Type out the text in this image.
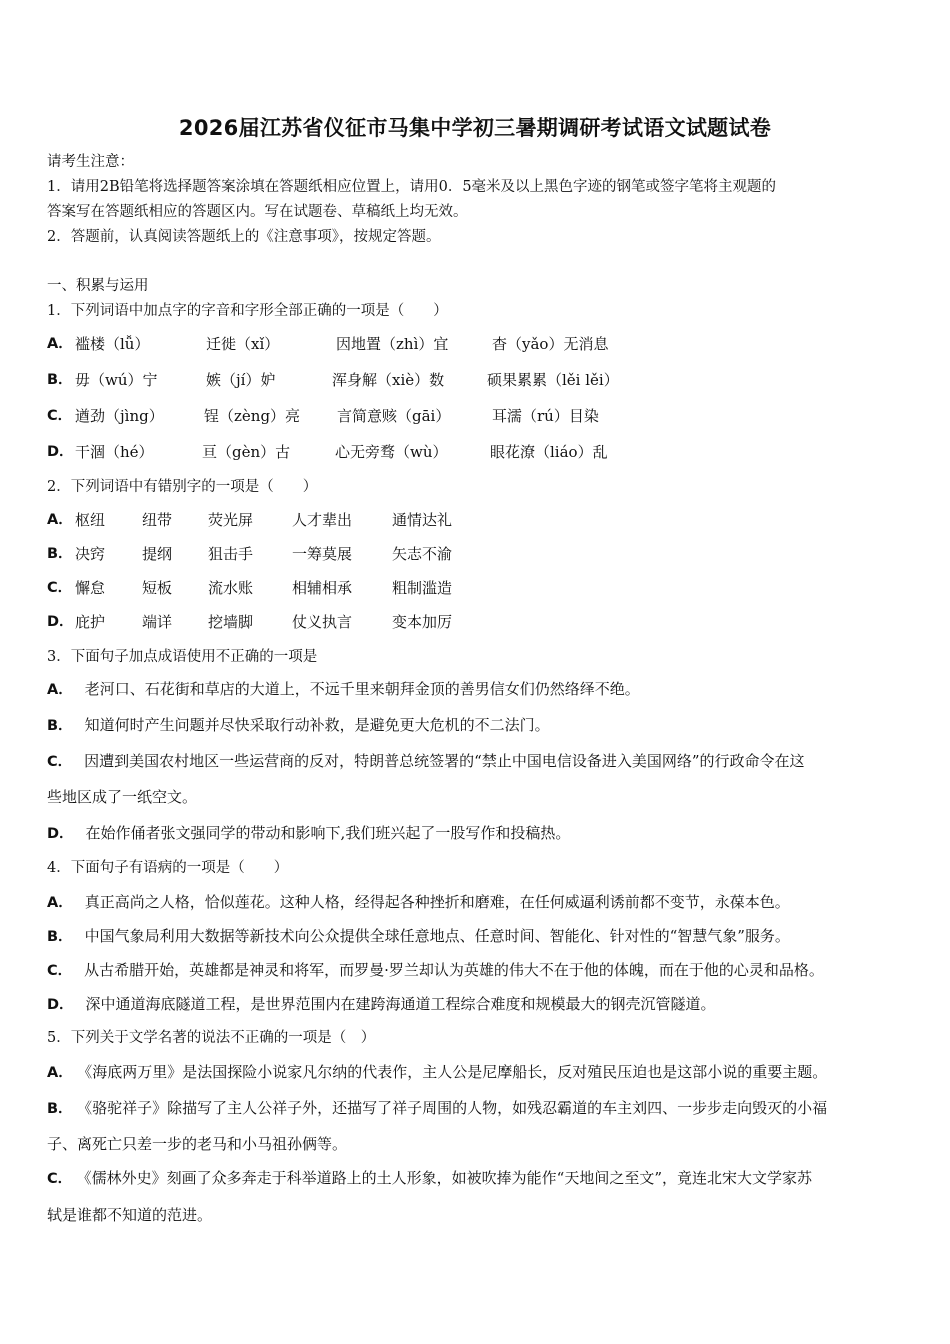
2026届江苏省仪征市马集中学初三暑期调研考试语文试题试卷
请考生注意：
1．请用2B铅笔将选择题答案涂填在答题纸相应位置上，请用0．5毫米及以上黑色字迹的钢笔或签字笔将主观题的
答案写在答题纸相应的答题区内。写在试题卷、草稿纸上均无效。
2．答题前，认真阅读答题纸上的《注意事项》，按规定答题。
一、积累与运用
1．下列词语中加点字的字音和字形全部正确的一项是（　　）
A． 褴楼（lǚ）	迁徙（xǐ）	因地置（zhì）宜	杳（yǎo）无消息
B． 毋（wú）宁	嫉（jí）妒	浑身解（xiè）数	硕果累累（lěi lěi）
C． 遒劲（jìng）	锃（zèng）亮 言简意赅（gāi）	耳濡（rú）目染
D． 干涸（hé）	亘（gèn）古	心无旁骛（wù）	眼花潦（liáo）乱
2．下列词语中有错别字的一项是（　　）
A． 枢纽 纽带 荧光屏	人才辈出	通情达礼
B． 决窍 提纲 狙击手	一筹莫展	矢志不渝
C． 懈怠 短板 流水账	相辅相承	粗制滥造
D． 庇护 端详 挖墙脚	仗义执言	变本加厉
3．下面句子加点成语使用不正确的一项是
A． 老河口、石花街和草店的大道上，不远千里来朝拜金顶的善男信女们仍然络绎不绝。
B． 知道何时产生问题并尽快采取行动补救，是避免更大危机的不二法门。
C． 因遭到美国农村地区一些运营商的反对，特朗普总统签署的“禁止中国电信设备进入美国网络”的行政命令在这
些地区成了一纸空文。
D． 在始作俑者张文强同学的带动和影响下,我们班兴起了一股写作和投稿热。
4．下面句子有语病的一项是（　　）
A． 真正高尚之人格，恰似莲花。这种人格，经得起各种挫折和磨难，在任何威逼利诱前都不变节，永葆本色。
B． 中国气象局利用大数据等新技术向公众提供全球任意地点、任意时间、智能化、针对性的“智慧气象”服务。
C． 从古希腊开始，英雄都是神灵和将军，而罗曼·罗兰却认为英雄的伟大不在于他的体魄，而在于他的心灵和品格。
D． 深中通道海底隧道工程，是世界范围内在建跨海通道工程综合难度和规模最大的钢壳沉管隧道。
5．下列关于文学名著的说法不正确的一项是（　）
A． 《海底两万里》是法国探险小说家凡尔纳的代表作，主人公是尼摩船长，反对殖民压迫也是这部小说的重要主题。
B． 《骆驼祥子》除描写了主人公祥子外，还描写了祥子周围的人物，如残忍霸道的车主刘四、一步步走向毁灭的小福
子、离死亡只差一步的老马和小马祖孙俩等。
C． 《儒林外史》刻画了众多奔走于科举道路上的土人形象，如被吹捧为能作“天地间之至文”，竟连北宋大文学家苏
轼是谁都不知道的范进。
